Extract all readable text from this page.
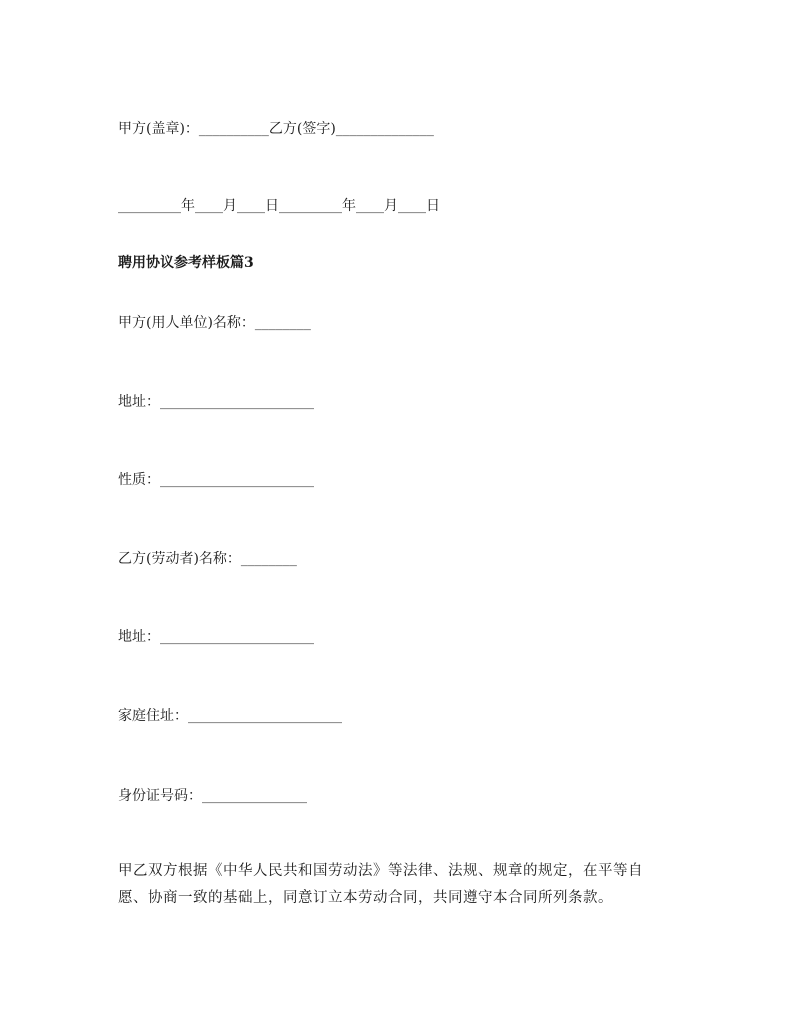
甲方(盖章)：__________乙方(签字)______________
_________年____月____日_________年____月____日
聘用协议参考样板篇3
甲方(用人单位)名称：________
地址：______________________
性质：______________________
乙方(劳动者)名称：________
地址：______________________
家庭住址：______________________
身份证号码：_______________
甲乙双方根据《中华人民共和国劳动法》等法律、法规、规章的规定，在平等自
愿、协商一致的基础上，同意订立本劳动合同，共同遵守本合同所列条款。
